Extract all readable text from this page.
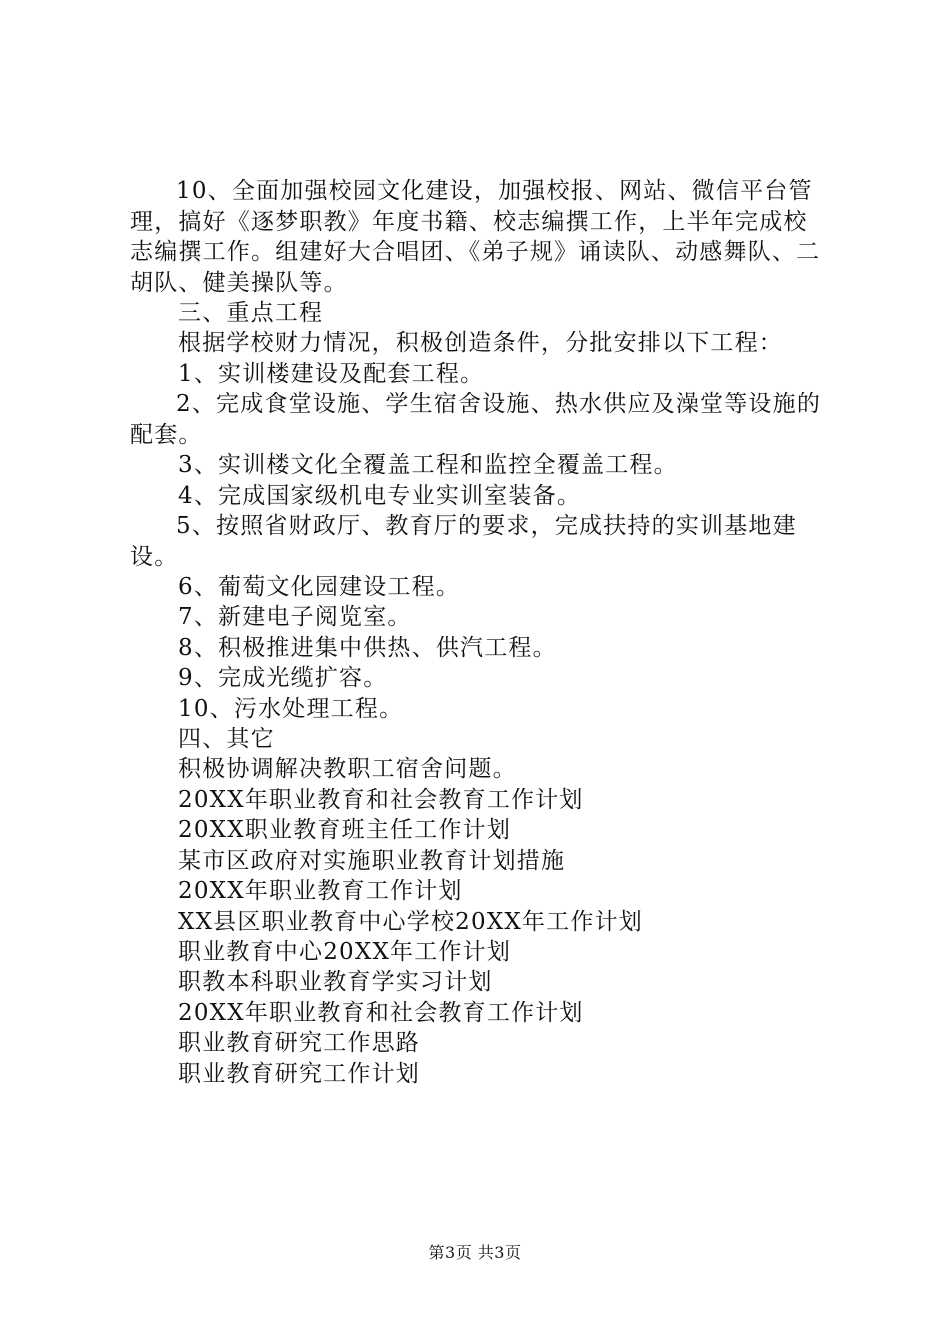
10、全面加强校园文化建设，加强校报、网站、微信平台管理，搞好《逐梦职教》年度书籍、校志编撰工作，上半年完成校志编撰工作。组建好大合唱团、《弟子规》诵读队、动感舞队、二胡队、健美操队等。

三、重点工程

根据学校财力情况，积极创造条件，分批安排以下工程：

1、实训楼建设及配套工程。

2、完成食堂设施、学生宿舍设施、热水供应及澡堂等设施的配套。

3、实训楼文化全覆盖工程和监控全覆盖工程。

4、完成国家级机电专业实训室装备。

5、按照省财政厅、教育厅的要求，完成扶持的实训基地建设。

6、葡萄文化园建设工程。

7、新建电子阅览室。

8、积极推进集中供热、供汽工程。

9、完成光缆扩容。

10、污水处理工程。

四、其它

积极协调解决教职工宿舍问题。

20XX年职业教育和社会教育工作计划

20XX职业教育班主任工作计划

某市区政府对实施职业教育计划措施

20XX年职业教育工作计划

XX县区职业教育中心学校20XX年工作计划

职业教育中心20XX年工作计划

职教本科职业教育学实习计划

20XX年职业教育和社会教育工作计划

职业教育研究工作思路

职业教育研究工作计划

第3页 共3页
